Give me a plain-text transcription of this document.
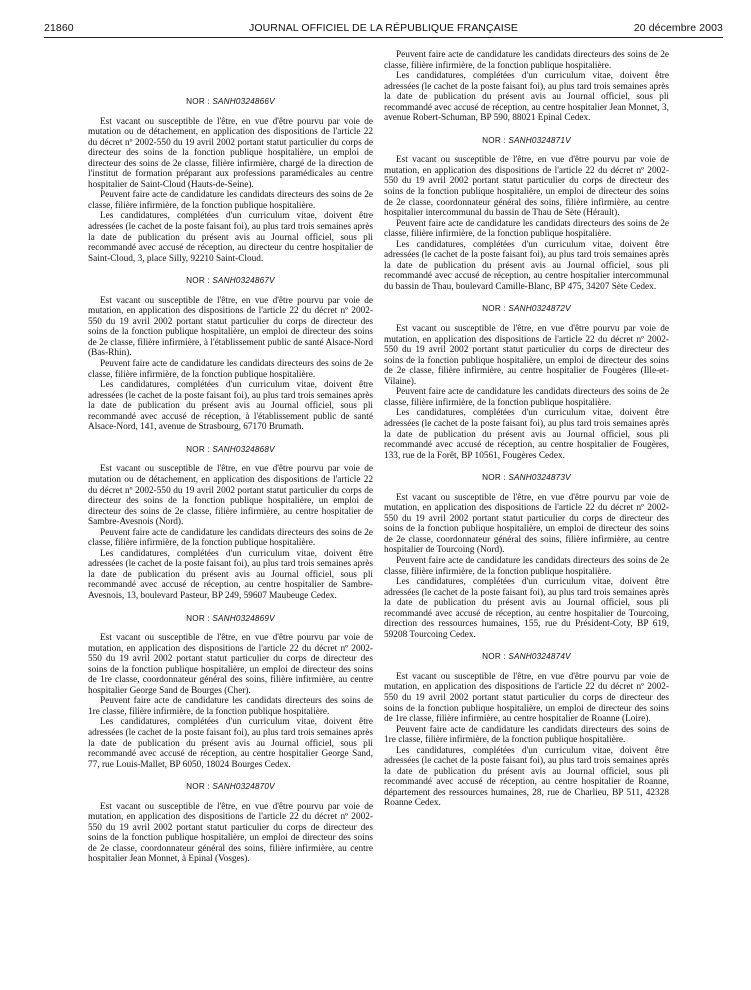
21860	JOURNAL OFFICIEL DE LA RÉPUBLIQUE FRANÇAISE	20 décembre 2003
NOR : SANH0324866V

Est vacant ou susceptible de l'être, en vue d'être pourvu par voie de mutation ou de détachement, en application des dispositions de l'article 22 du décret nº 2002-550 du 19 avril 2002 portant statut particulier du corps de directeur des soins de la fonction publique hospitalière, un emploi de directeur des soins de 2e classe, filière infirmière, chargé de la direction de l'institut de formation préparant aux professions paramédicales au centre hospitalier de Saint-Cloud (Hauts-de-Seine).

Peuvent faire acte de candidature les candidats directeurs des soins de 2e classe, filière infirmière, de la fonction publique hospitalière.

Les candidatures, complétées d'un curriculum vitae, doivent être adressées (le cachet de la poste faisant foi), au plus tard trois semaines après la date de publication du présent avis au Journal officiel, sous pli recommandé avec accusé de réception, au directeur du centre hospitalier de Saint-Cloud, 3, place Silly, 92210 Saint-Cloud.

NOR : SANH0324867V

Est vacant ou susceptible de l'être, en vue d'être pourvu par voie de mutation, en application des dispositions de l'article 22 du décret nº 2002-550 du 19 avril 2002 portant statut particulier du corps de directeur des soins de la fonction publique hospitalière, un emploi de directeur des soins de 2e classe, filière infirmière, à l'établissement public de santé Alsace-Nord (Bas-Rhin).

Peuvent faire acte de candidature les candidats directeurs des soins de 2e classe, filière infirmière, de la fonction publique hospitalière.

Les candidatures, complétées d'un curriculum vitae, doivent être adressées (le cachet de la poste faisant foi), au plus tard trois semaines après la date de publication du présent avis au Journal officiel, sous pli recommandé avec accusé de réception, à l'établissement public de santé Alsace-Nord, 141, avenue de Strasbourg, 67170 Brumath.

NOR : SANH0324868V

Est vacant ou susceptible de l'être, en vue d'être pourvu par voie de mutation ou de détachement, en application des dispositions de l'article 22 du décret nº 2002-550 du 19 avril 2002 portant statut particulier du corps de directeur des soins de la fonction publique hospitalière, un emploi de directeur des soins de 2e classe, filière infirmière, au centre hospitalier de Sambre-Avesnois (Nord).

Peuvent faire acte de candidature les candidats directeurs des soins de 2e classe, filière infirmière, de la fonction publique hospitalière.

Les candidatures, complétées d'un curriculum vitae, doivent être adressées (le cachet de la poste faisant foi), au plus tard trois semaines après la date de publication du présent avis au Journal officiel, sous pli recommandé avec accusé de réception, au centre hospitalier de Sambre-Avesnois, 13, boulevard Pasteur, BP 249, 59607 Maubeuge Cedex.

NOR : SANH0324869V

Est vacant ou susceptible de l'être, en vue d'être pourvu par voie de mutation, en application des dispositions de l'article 22 du décret nº 2002-550 du 19 avril 2002 portant statut particulier du corps de directeur des soins de la fonction publique hospitalière, un emploi de directeur des soins de 1re classe, coordonnateur général des soins, filière infirmière, au centre hospitalier George Sand de Bourges (Cher).

Peuvent faire acte de candidature les candidats directeurs des soins de 1re classe, filière infirmière, de la fonction publique hospitalière.

Les candidatures, complétées d'un curriculum vitae, doivent être adressées (le cachet de la poste faisant foi), au plus tard trois semaines après la date de publication du présent avis au Journal officiel, sous pli recommandé avec accusé de réception, au centre hospitalier George Sand, 77, rue Louis-Mallet, BP 6050, 18024 Bourges Cedex.

NOR : SANH0324870V

Est vacant ou susceptible de l'être, en vue d'être pourvu par voie de mutation, en application des dispositions de l'article 22 du décret nº 2002-550 du 19 avril 2002 portant statut particulier du corps de directeur des soins de la fonction publique hospitalière, un emploi de directeur des soins de 2e classe, coordonnateur général des soins, filière infirmière, au centre hospitalier Jean Monnet, à Epinal (Vosges).

Peuvent faire acte de candidature les candidats directeurs des soins de 2e classe, filière infirmière, de la fonction publique hospitalière.

Les candidatures, complétées d'un curriculum vitae, doivent être adressées (le cachet de la poste faisant foi), au plus tard trois semaines après la date de publication du présent avis au Journal officiel, sous pli recommandé avec accusé de réception, au centre hospitalier Jean Monnet, 3, avenue Robert-Schuman, BP 590, 88021 Epinal Cedex.

NOR : SANH0324871V

Est vacant ou susceptible de l'être, en vue d'être pourvu par voie de mutation, en application des dispositions de l'article 22 du décret nº 2002-550 du 19 avril 2002 portant statut particulier du corps de directeur des soins de la fonction publique hospitalière, un emploi de directeur des soins de 2e classe, coordonnateur général des soins, filière infirmière, au centre hospitalier intercommunal du bassin de Thau de Sète (Hérault).

Peuvent faire acte de candidature les candidats directeurs des soins de 2e classe, filière infirmière, de la fonction publique hospitalière.

Les candidatures, complétées d'un curriculum vitae, doivent être adressées (le cachet de la poste faisant foi), au plus tard trois semaines après la date de publication du présent avis au Journal officiel, sous pli recommandé avec accusé de réception, au centre hospitalier intercommunal du bassin de Thau, boulevard Camille-Blanc, BP 475, 34207 Sète Cedex.

NOR : SANH0324872V

Est vacant ou susceptible de l'être, en vue d'être pourvu par voie de mutation, en application des dispositions de l'article 22 du décret nº 2002-550 du 19 avril 2002 portant statut particulier du corps de directeur des soins de la fonction publique hospitalière, un emploi de directeur des soins de 2e classe, filière infirmière, au centre hospitalier de Fougères (Ille-et-Vilaine).

Peuvent faire acte de candidature les candidats directeurs des soins de 2e classe, filière infirmière, de la fonction publique hospitalière.

Les candidatures, complétées d'un curriculum vitae, doivent être adressées (le cachet de la poste faisant foi), au plus tard trois semaines après la date de publication du présent avis au Journal officiel, sous pli recommandé avec accusé de réception, au centre hospitalier de Fougères, 133, rue de la Forêt, BP 10561, Fougères Cedex.

NOR : SANH0324873V

Est vacant ou susceptible de l'être, en vue d'être pourvu par voie de mutation, en application des dispositions de l'article 22 du décret nº 2002-550 du 19 avril 2002 portant statut particulier du corps de directeur des soins de la fonction publique hospitalière, un emploi de directeur des soins de 2e classe, coordonnateur général des soins, filière infirmière, au centre hospitalier de Tourcoing (Nord).

Peuvent faire acte de candidature les candidats directeurs des soins de 2e classe, filière infirmière, de la fonction publique hospitalière.

Les candidatures, complétées d'un curriculum vitae, doivent être adressées (le cachet de la poste faisant foi), au plus tard trois semaines après la date de publication du présent avis au Journal officiel, sous pli recommandé avec accusé de réception, au centre hospitalier de Tourcoing, direction des ressources humaines, 155, rue du Président-Coty, BP 619, 59208 Tourcoing Cedex.

NOR : SANH0324874V

Est vacant ou susceptible de l'être, en vue d'être pourvu par voie de mutation, en application des dispositions de l'article 22 du décret nº 2002-550 du 19 avril 2002 portant statut particulier du corps de directeur des soins de la fonction publique hospitalière, un emploi de directeur des soins de 1re classe, filière infirmière, au centre hospitalier de Roanne (Loire).

Peuvent faire acte de candidature les candidats directeurs des soins de 1re classe, filière infirmière, de la fonction publique hospitalière.

Les candidatures, complétées d'un curriculum vitae, doivent être adressées (le cachet de la poste faisant foi), au plus tard trois semaines après la date de publication du présent avis au Journal officiel, sous pli recommandé avec accusé de réception, au centre hospitalier de Roanne, département des ressources humaines, 28, rue de Charlieu, BP 511, 42328 Roanne Cedex.
